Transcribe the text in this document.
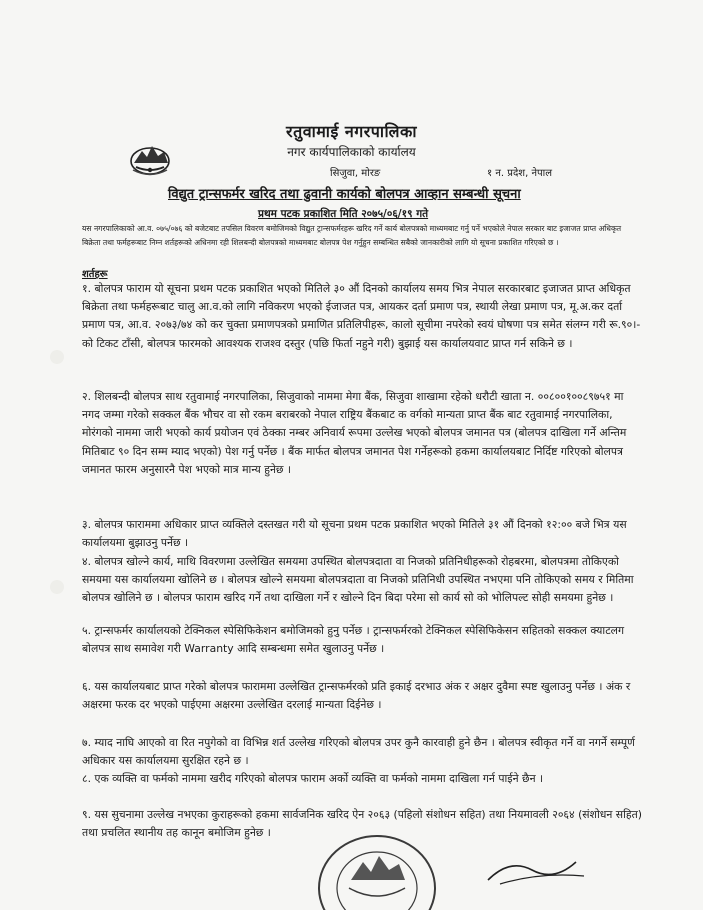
रतुवामाई नगरपालिका
नगर कार्यपालिकाको कार्यालय
सिजुवा, मोरङ	१ न. प्रदेश, नेपाल
विद्युत ट्रान्सफर्मर खरिद तथा ढुवानी कार्यको बोलपत्र आव्हान सम्बन्धी सूचना
प्रथम पटक प्रकाशित मिति २०७५/०६/१९ गते
यस नगरपालिकाको आ.व. ०७५/०७६ को बजेटबाट तपसिल विवरण बमोजिमको विद्युत ट्रान्सफर्मरहरू खरिद गर्ने कार्य बोलपत्रको माध्यमबाट गर्नु पर्ने भएकोले नेपाल सरकार बाट इजाजत प्राप्त अधिकृत बिक्रेता तथा फर्महरूबाट निम्न शर्तहरूको अधिनमा रही शिलबन्दी बोलपत्रको माध्यमबाट बोलपत्र पेश गर्नुहुन सम्बन्धित सबैको जानकारीको लागि यो सूचना प्रकाशित गरिएको छ ।
शर्तहरू
१. बोलपत्र फाराम यो सूचना प्रथम पटक प्रकाशित भएको मितिले ३० औं दिनको कार्यालय समय भित्र नेपाल सरकारबाट इजाजत प्राप्त अधिकृत बिक्रेता तथा फर्महरूबाट चालु आ.व.को लागि नविकरण भएको ईजाजत पत्र, आयकर दर्ता प्रमाण पत्र, स्थायी लेखा प्रमाण पत्र, मू.अ.कर दर्ता प्रमाण पत्र, आ.व. २०७३/७४ को कर चुक्ता प्रमाणपत्रको प्रमाणित प्रतिलिपीहरू, कालो सूचीमा नपरेको स्वयं घोषणा पत्र समेत संलग्न गरी रू.९०।- को टिकट टाँसी, बोलपत्र फारमको आवश्यक राजश्व दस्तुर (पछि फिर्ता नहुने गरी) बुझाई यस कार्यालयवाट प्राप्त गर्न सकिने छ ।
२. शिलबन्दी बोलपत्र साथ रतुवामाई नगरपालिका, सिजुवाको नाममा मेगा बैंक, सिजुवा शाखामा रहेको धरौटी खाता न. ००८००१००८९७५१ मा नगद जम्मा गरेको सक्कल बैंक भौचर वा सो रकम बराबरको नेपाल राष्ट्रिय बैंकबाट क वर्गको मान्यता प्राप्त बैंक बाट रतुवामाई नगरपालिका, मोरंगको नाममा जारी भएको कार्य प्रयोजन एवं ठेक्का नम्बर अनिवार्य रूपमा उल्लेख भएको बोलपत्र जमानत पत्र (बोलपत्र दाखिला गर्ने अन्तिम मितिबाट ९० दिन सम्म म्याद भएको) पेश गर्नु पर्नेछ । बैंक मार्फत बोलपत्र जमानत पेश गर्नेहरूको हकमा कार्यालयबाट निर्दिष्ट गरिएको बोलपत्र जमानत फारम अनुसारनै पेश भएको मात्र मान्य हुनेछ ।
३. बोलपत्र फाराममा अधिकार प्राप्त व्यक्तिले दस्तखत गरी यो सूचना प्रथम पटक प्रकाशित भएको मितिले ३१ औं दिनको १२:०० बजे भित्र यस कार्यालयमा बुझाउनु पर्नेछ ।
४. बोलपत्र खोल्ने कार्य, माथि विवरणमा उल्लेखित समयमा उपस्थित बोलपत्रदाता वा निजको प्रतिनिधीहरूको रोहबरमा, बोलपत्रमा तोकिएको समयमा यस कार्यालयमा खोलिने छ । बोलपत्र खोल्ने समयमा बोलपत्रदाता वा निजको प्रतिनिधी उपस्थित नभएमा पनि तोकिएको समय र मितिमा बोलपत्र खोलिने छ । बोलपत्र फाराम खरिद गर्ने तथा दाखिला गर्ने र खोल्ने दिन बिदा परेमा सो कार्य सो को भोलिपल्ट सोही समयमा हुनेछ ।
५. ट्रान्सफर्मर कार्यालयको टेक्निकल स्पेसिफिकेशन बमोजिमको हुनु पर्नेछ । ट्रान्सफर्मरको टेक्निकल स्पेसिफिकेसन सहितको सक्कल क्याटलग बोलपत्र साथ समावेश गरी Warranty आदि सम्बन्धमा समेत खुलाउनु पर्नेछ ।
६. यस कार्यालयबाट प्राप्त गरेको बोलपत्र फाराममा उल्लेखित ट्रान्सफर्मरको प्रति इकाई दरभाउ अंक र अक्षर दुवैमा स्पष्ट खुलाउनु पर्नेछ । अंक र अक्षरमा फरक दर भएको पाईएमा अक्षरमा उल्लेखित दरलाई मान्यता दिईनेछ ।
७. म्याद नाघि आएको वा रित नपुगेको वा विभिन्न शर्त उल्लेख गरिएको बोलपत्र उपर कुनै कारवाही हुने छैन । बोलपत्र स्वीकृत गर्ने वा नगर्ने सम्पूर्ण अधिकार यस कार्यालयमा सुरक्षित रहने छ ।
८. एक व्यक्ति वा फर्मको नाममा खरीद गरिएको बोलपत्र फाराम अर्को व्यक्ति वा फर्मको नाममा दाखिला गर्न पाईने छैन ।
९. यस सुचनामा उल्लेख नभएका कुराहरूको हकमा सार्वजनिक खरिद ऐन २०६३ (पहिलो संशोधन सहित) तथा नियमावली २०६४ (संशोधन सहित) तथा प्रचलित स्थानीय तह कानून बमोजिम हुनेछ ।
